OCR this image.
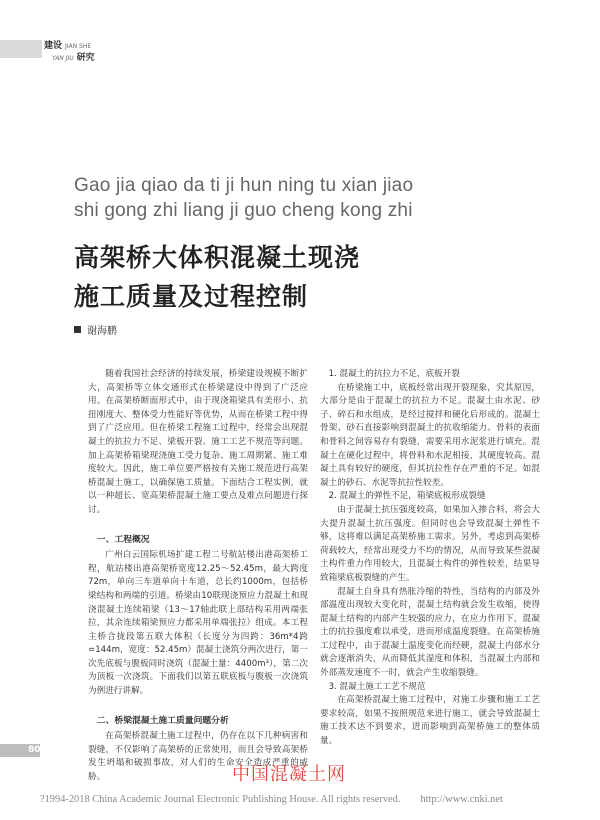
建设 JIAN SHE
YAN JIU 研究
Gao jia qiao da ti ji hun ning tu xian jiao
shi gong zhi liang ji guo cheng kong zhi
高架桥大体积混凝土现浇
施工质量及过程控制
谢海鹏

随着我国社会经济的持续发展，桥梁建设规模不断扩大，高架桥等立体交通形式在桥梁建设中得到了广泛应用。在高架桥断面形式中，由于现浇箱梁具有美形小、抗扭刚度大、整体受力性能好等优势，从而在桥梁工程中得到了广泛应用。但在桥梁工程施工过程中，经常会出现混凝土的抗拉力不足、梁板开裂、施工工艺不规范等问题。加上高架桥箱梁现浇施工受力复杂、施工周期紧、施工难度较大。因此，施工单位要严格按有关施工规范进行高架桥混凝土施工，以确保施工质量。下面结合工程实例，就以一种超长、宽高架桥混凝土施工要点及难点问题进行探讨。

一、工程概况

广州白云国际机场扩建工程二号航站楼出港高架桥工程，航站楼出港高架桥宽度12.25～52.45m，最大跨度72m，单向三车道单向十车道，总长约1000m，包括桥梁结构和两端的引道。桥梁由10联现浇预应力混凝土和现浇混凝土连续箱梁（13～17轴此联上部结构采用两端张拉，其余连续箱梁预应力都采用单端张拉）组成。本工程主桥合拢段第五联大体积（长度分为四跨：36m*4跨=144m，宽度：52.45m）混凝土浇筑分两次进行，第一次先底板与腹板同时浇筑（混凝土量：4400m³），第二次为顶板一次浇筑。下面我们以第五联底板与腹板一次浇筑为例进行讲解。

二、桥梁混凝土施工质量问题分析

在高架桥混凝土施工过程中，仍存在以下几种病害和裂缝，不仅影响了高架桥的正常使用，而且会导致高架桥发生坍塌和破损事故，对人们的生命安全造成严重的威胁。

1. 混凝土的抗拉力不足，底板开裂

在桥梁施工中，底板经常出现开裂现象，究其原因，大部分是由于混凝土的抗拉力不足。混凝土由水泥、砂子、碎石和水组成，是经过搅拌和硬化后形成的。混凝土骨架、砂石直接影响到混凝土的抗收缩能力。骨料的表面和骨料之间容易存有裂缝，需要采用水泥浆进行填充。混凝土在硬化过程中，将骨料和水泥相接，其硬度较高。混凝土具有较好的硬度，但其抗拉性存在严重的不足。如混凝土的砂石、水泥等抗拉性较差。

2. 混凝土的弹性不足，箱梁底板形成裂缝

由于混凝土抗压强度较高，如果加入掺合料，将会大大提升混凝土抗压强度。但同时也会导致混凝土弹性不够，这将难以满足高架桥施工需求。另外，考虑到高架桥荷载较大，经常出现受力不均的情况，从而导致某些混凝土构件重力作用较大，且混凝土构件的弹性较差，结果导致箱梁底板裂缝的产生。

混凝土自身具有热胀冷缩的特性，当结构的内部及外部温度出现较大变化时，混凝土结构就会发生收缩，使得混凝土结构的内部产生较强的应力，在应力作用下，混凝土的抗拉强度难以承受，进而形成温度裂缝。在高架桥施工过程中，由于混凝土温度变化而经硬，混凝土内部水分就会逐渐消失，从而降低其湿度和体积，当混凝土内部和外部蒸发速度不一时，就会产生收缩裂缝。

3. 混凝土施工工艺不规范

在高架桥混凝土施工过程中，对施工步骤和施工工艺要求较高，如果不按照规范来进行施工，就会导致混凝土施工技术达不到要求，进而影响到高架桥施工的整体质量。

80
中国混凝土网
?1994-2018 China Academic Journal Electronic Publishing House. All rights reserved. http://www.cnki.net
